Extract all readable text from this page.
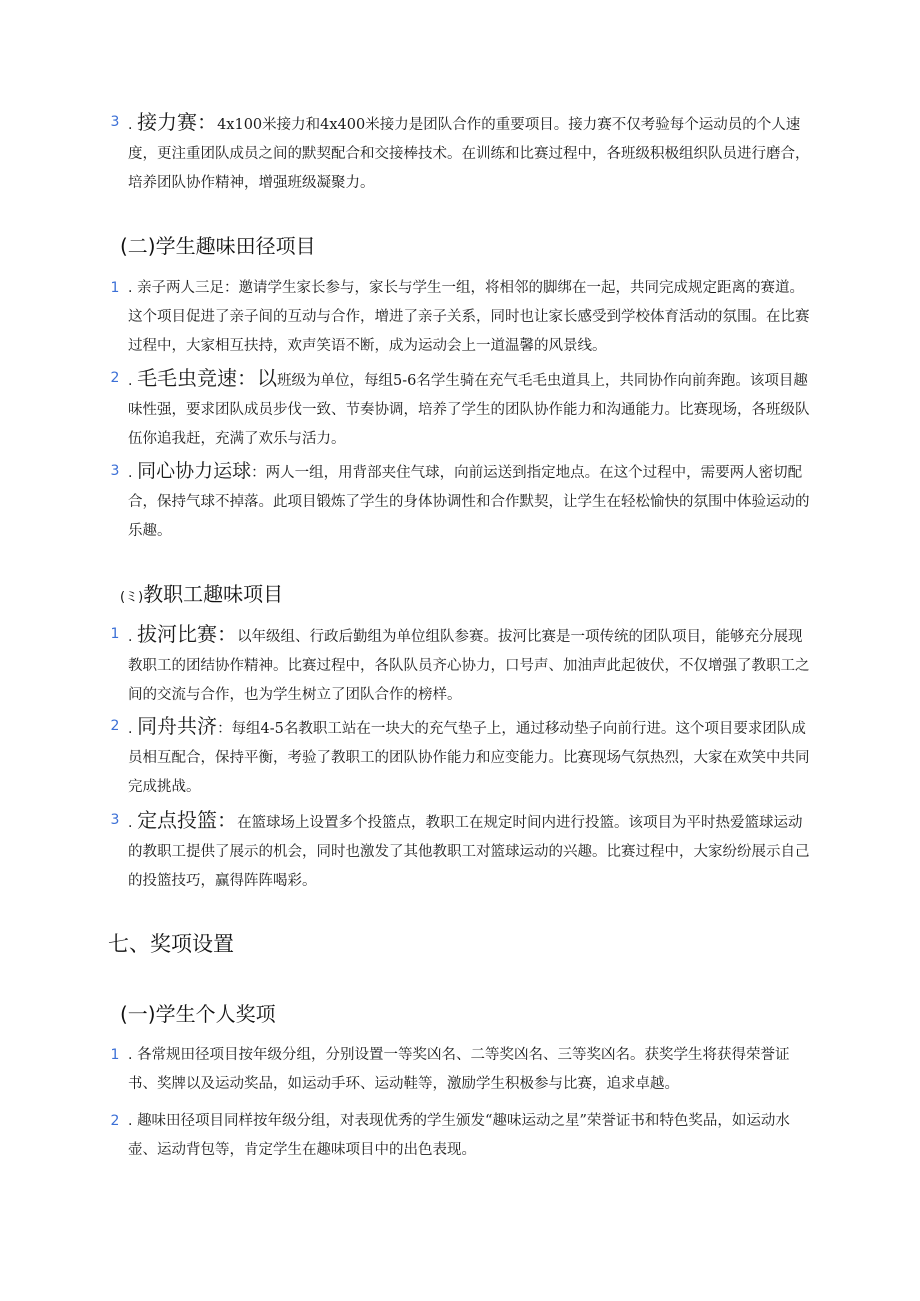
3 . 接力赛：4x100米接力和4x400米接力是团队合作的重要项目。接力赛不仅考验每个运动员的个人速度，更注重团队成员之间的默契配合和交接棒技术。在训练和比赛过程中，各班级积极组织队员进行磨合，培养团队协作精神，增强班级凝聚力。
(二)学生趣味田径项目
1 . 亲子两人三足：邀请学生家长参与，家长与学生一组，将相邻的脚绑在一起，共同完成规定距离的赛道。这个项目促进了亲子间的互动与合作，增进了亲子关系，同时也让家长感受到学校体育活动的氛围。在比赛过程中，大家相互扶持，欢声笑语不断，成为运动会上一道温馨的风景线。
2 . 毛毛虫竞速：以班级为单位，每组5-6名学生骑在充气毛毛虫道具上，共同协作向前奔跑。该项目趣味性强，要求团队成员步伐一致、节奏协调，培养了学生的团队协作能力和沟通能力。比赛现场，各班级队伍你追我赶，充满了欢乐与活力。
3 . 同心协力运球：两人一组，用背部夹住气球，向前运送到指定地点。在这个过程中，需要两人密切配合，保持气球不掉落。此项目锻炼了学生的身体协调性和合作默契，让学生在轻松愉快的氛围中体验运动的乐趣。
(ミ)教职工趣味项目
1 . 拔河比赛：以年级组、行政后勤组为单位组队参赛。拔河比赛是一项传统的团队项目，能够充分展现教职工的团结协作精神。比赛过程中，各队队员齐心协力，口号声、加油声此起彼伏，不仅增强了教职工之间的交流与合作，也为学生树立了团队合作的榜样。
2 . 同舟共济：每组4-5名教职工站在一块大的充气垫子上，通过移动垫子向前行进。这个项目要求团队成员相互配合，保持平衡，考验了教职工的团队协作能力和应变能力。比赛现场气氛热烈，大家在欢笑中共同完成挑战。
3 . 定点投篮：在篮球场上设置多个投篮点，教职工在规定时间内进行投篮。该项目为平时热爱篮球运动的教职工提供了展示的机会，同时也激发了其他教职工对篮球运动的兴趣。比赛过程中，大家纷纷展示自己的投篮技巧，赢得阵阵喝彩。
七、奖项设置
(一)学生个人奖项
1 . 各常规田径项目按年级分组，分别设置一等奖凶名、二等奖凶名、三等奖凶名。获奖学生将获得荣誉证书、奖牌以及运动奖品，如运动手环、运动鞋等，激励学生积极参与比赛，追求卓越。
2 . 趣味田径项目同样按年级分组，对表现优秀的学生颁发“趣味运动之星”荣誉证书和特色奖品，如运动水壶、运动背包等，肯定学生在趣味项目中的出色表现。
